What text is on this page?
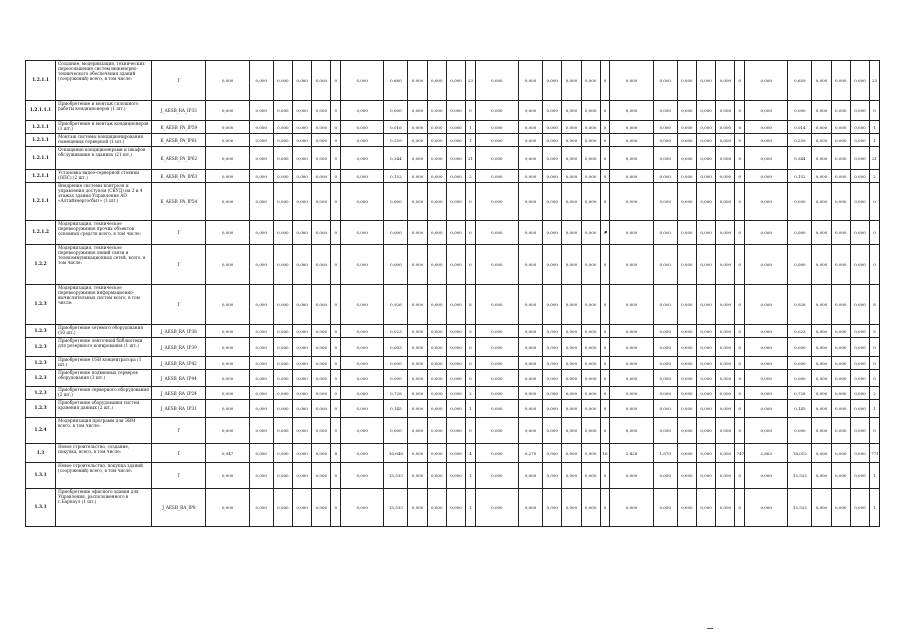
1.2.1.1	Создание, модернизация, технических переоснащение систем инженерно-технического обеспечения зданий (сооружений) всего, в том числе:	Г	0,000	0,000	0,000	0,000	0,000	0	0,000	0,660	0,000	0,000	0,000	23	0,000	0,000	0,000	0,000	0,000	0	0,000	0,000	0,000	0,000	0,000	0	0,000	0,659	0,000	0,000	0,000	23
1.2.1.1.1	Приобретение и монтаж сплошного работы кондиционеров (1 шт.)	J_AESB_RA_IP33	0,000	0,000	0,000	0,000	0,000	0	0,000	0,000	0,000	0,000	0,000	0	0,000	0,000	0,000	0,000	0,000	0	0,000	0,000	0,000	0,000	0,000	0	0,000	0,000	0,000	0,000	0,000	0
1.2.1.1	Приобретение и монтаж кондиционеров (1 шт.)	K_AESB_PA_IP59	0,000	0,000	0,000	0,000	0,000	0	0,000	0,016	0,000	0,000	0,000	1	0,000	0,000	0,000	0,000	0,000	0	0,000	0,000	0,000	0,000	0,000	0	0,000	0,014	0,000	0,000	0,000	1
1.2.1.1	Монтаж системы кондиционирования помещения серверной (1 шт.)	K_AESB_PA_IP61	0,000	0,000	0,000	0,000	0,000	0	0,000	0,259	0,000	0,000	0,000	1	0,000	0,000	0,000	0,000	0,000	0	0,000	0,000	0,000	0,000	0,000	0	0,000	0,259	0,000	0,000	0,000	1
1.2.1.1	Оснащение кондиционерами и шкафов обслуживания в зданиях (21 шт.)	K_AESB_PA_IP62	0,000	0,000	0,000	0,000	0,000	0	0,000	0,344	0,000	0,000	0,000	21	0,000	0,000	0,000	0,000	0,000	0	0,000	0,000	0,000	0,000	0,000	0	0,000	0,344	0,000	0,000	0,000	21
1.2.1.1	Установка видео-серверной стоянки (ОПС) (2 шт.)	K_AESB_PA_IP63	0,000	0,000	0,000	0,000	0,000	0	0,000	0,152	0,000	0,000	0,000	2	0,000	0,000	0,000	0,000	0,000	0	0,000	0,000	0,000	0,000	0,000	0	0,000	0,152	0,000	0,000	0,000	2
1.2.1.1	Внедрение системы контроля и управления доступом (СКУД) на 2 и 4 этажах здания Управления АО «Алтайэнергосбыт» (1 шт.)	K_AESB_PA_IP54	0,000	0,000	0,000	0,000	0,000	0	0,000	0,000	0,000	0,000	0,000	0	0,000	0,000	0,000	0,000	0,000	0	0,000	0,000	0,000	0,000	0,000	0	0,000	0,000	0,000	0,000	0,000	0
1.2.1.2	Модернизация, техническое перевооружение прочих объектов основных средств всего, в том числе:	Г	0,000	0,000	0,000	0,000	0,000	0	0,000	0,000	0,000	0,000	0,000	0	0,000	0,000	0,000	0,000	0,000		0,000	0,000	0,000	0,000	0,000	0	0,000	0,000	0,000	0,000	0,000	0
1.2.2	Модернизация, техническое перевооружение линий связи и телекоммуникационных сетей, всего, в том числе:	Г	0,000	0,000	0,000	0,000	0,000	0	0,000	0,000	0,000	0,000	0,000	0	0,000	0,000	0,000	0,000	0,000	0	0,000	0,000	0,000	0,000	0,000	0	0,000	0,000	0,000	0,000	0,000	0
1.2.3	Модернизация, техническое перевооружение информационно-вычислительных систем всего, в том числе:	Г	0,000	0,000	0,000	0,000	0,000	0	0,000	0,926	0,000	0,000	0,000	8	0,000	0,000	0,000	0,000	0,000	0	0,000	0,000	0,000	0,000	0,000	0	0,000	0,926	0,000	0,000	0,000	8
1.2.3	Приобретение сетевого оборудования (10 шт.)	J_AESB_RA_IP38	0,000	0,000	0,000	0,000	0,000	0	0,000	0,023	0,000	0,000	0,000	5	0,000	0,000	0,000	0,000	0,000	0	0,000	0,000	0,000	0,000	0,000	0	0,000	0,023	0,000	0,000	0,000	5
1.2.3	Приобретение ленточной библиотеки для резервного копирования (1 шт.)	J_AESB_RA_IP39	0,000	0,000	0,000	0,000	0,000	0	0,000	0,003	0,000	0,000	0,000	0	0,000	0,000	0,000	0,000	0,000	0	0,000	0,000	0,000	0,000	0,000	0	0,000	0,000	0,000	0,000	0,000	0
1.2.3	Приобретение USB концентратора (1 шт.)	J_AESB_RA_IP42	0,000	0,000	0,000	0,000	0,000	0	0,000	0,000	0,000	0,000	0,000	0	0,000	0,000	0,000	0,000	0,000	0	0,000	0,000	0,000	0,000	0,000	0	0,000	0,000	0,000	0,000	0,000	0
1.2.3	Приобретение подменных серверов оборудования (3 шт.)	J_AESB_RA_IP44	0,000	0,000	0,000	0,000	0,000	0	0,000	0,000	0,000	0,000	0,000	0	0,000	0,000	0,000	0,000	0,000	0	0,000	0,000	0,000	0,000	0,000	0	0,000	0,000	0,000	0,000	0,000	0
1.2.3	Приобретение серверного оборудования (2 шт.)	J_AESB_RA_IP24	0,000	0,000	0,000	0,000	0,000	0	0,000	0,728	0,000	0,000	0,000	2	0,000	0,000	0,000	0,000	0,000	0	0,000	0,000	0,000	0,000	0,000	0	0,000	0,728	0,000	0,000	0,000	2
1.2.3	Приобретение оборудования систем хранения данных (2 шт.)	J_AESB_RA_IP31	0,000	0,000	0,000	0,000	0,000	0	0,000	0,145	0,000	0,000	0,000	1	0,000	0,000	0,000	0,000	0,000	0	0,000	0,000	0,000	0,000	0,000	0	0,000	0,145	0,000	0,000	0,000	1
1.2.4	Модернизация программ для ЭВМ всего, в том числе:	Г	0,000	0,000	0,000	0,000	0,000	0	0,000	0,000	0,000	0,000	0,000	0	0,000	0,000	0,000	0,000	0,000	0	0,000	0,000	0,000	0,000	0,000	0	0,000	0,000	0,000	0,000	0,000	0
1.3	Новое строительство, создание, покупка, всего, в том числе:	Г	0,947	0,000	0,000	0,000	0,000	4	0,000	16,648	0,000	0,000	0,000	4	0,000	0,270	0,000	0,000	0,000	16	2,426	1,870	0,000	0,000	0,000	747	2,863	18,012	0,000	0,000	0,000	771
1.3.1	Новое строительство, покупка зданий (сооружений) всего, в том числе:	Г	0,000	0,000	0,000	0,000	0,000	0	0,000	15,533	0,000	0,000	0,000	1	0,000	0,000	0,000	0,000	0,000	0	0,000	0,000	0,000	0,000	0,000	0	0,000	15,533	0,000	0,000	0,000	1
1.3.1	Приобретение офисного здания для Управления, расположенного в г.Барнаул (1 шт.)	J_AESB_RA_IP8	0,000	0,000	0,000	0,000	0,000	0	0,000	15,533	0,000	0,000	0,000	1	0,000	0,000	0,000	0,000	0,000	0	0,000	0,000	0,000	0,000	0,000	0	0,000	15,533	0,000	0,000	0,000	1
